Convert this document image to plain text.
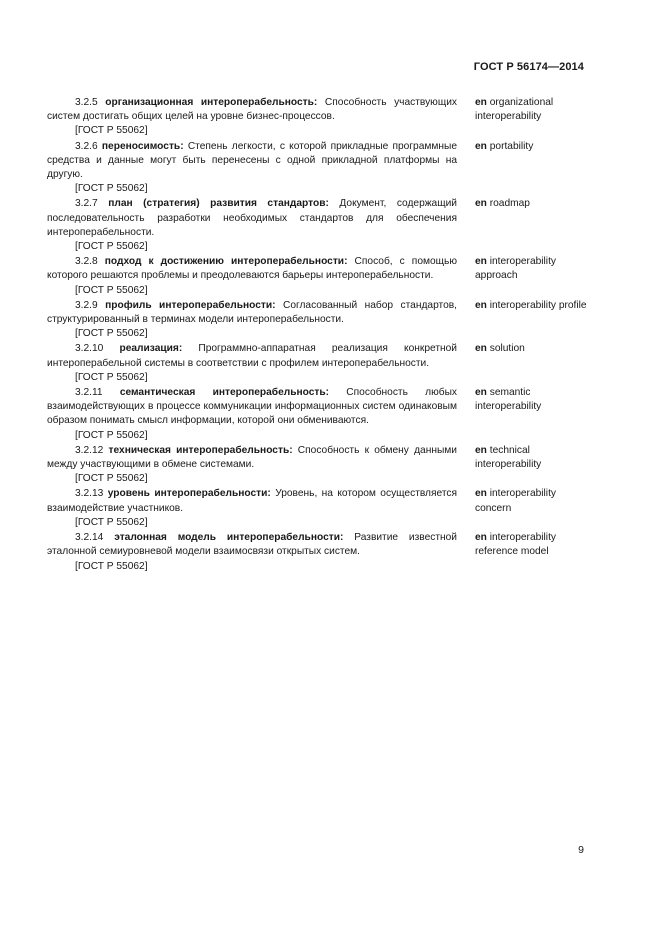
ГОСТ Р 56174—2014

3.2.5 организационная интероперабельность: Способность участвующих систем достигать общих целей на уровне бизнес-процессов.

[ГОСТ Р 55062]

en organizational interoperability

3.2.6 переносимость: Степень легкости, с которой прикладные программные средства и данные могут быть перенесены с одной прикладной платформы на другую.

[ГОСТ Р 55062]

en portability

3.2.7 план (стратегия) развития стандартов: Документ, содержащий последовательность разработки необходимых стандартов для обеспечения интероперабельности.

[ГОСТ Р 55062]

en roadmap

3.2.8 подход к достижению интероперабельности: Способ, с помощью которого решаются проблемы и преодолеваются барьеры интероперабельности.

[ГОСТ Р 55062]

en interoperability approach

3.2.9 профиль интероперабельности: Согласованный набор стандартов, структурированный в терминах модели интероперабельности.

[ГОСТ Р 55062]

en interoperability profile

3.2.10 реализация: Программно-аппаратная реализация конкретной интероперабельной системы в соответствии с профилем интероперабельности.

[ГОСТ Р 55062]

en solution

3.2.11 семантическая интероперабельность: Способность любых взаимодействующих в процессе коммуникации информационных систем одинаковым образом понимать смысл информации, которой они обмениваются.

[ГОСТ Р 55062]

en semantic interoperability

3.2.12 техническая интероперабельность: Способность к обмену данными между участвующими в обмене системами.

[ГОСТ Р 55062]

en technical interoperability

3.2.13 уровень интероперабельности: Уровень, на котором осуществляется взаимодействие участников.

[ГОСТ Р 55062]

en interoperability concern

3.2.14 эталонная модель интероперабельности: Развитие известной эталонной семиуровневой модели взаимосвязи открытых систем.

[ГОСТ Р 55062]

en interoperability reference model
9
